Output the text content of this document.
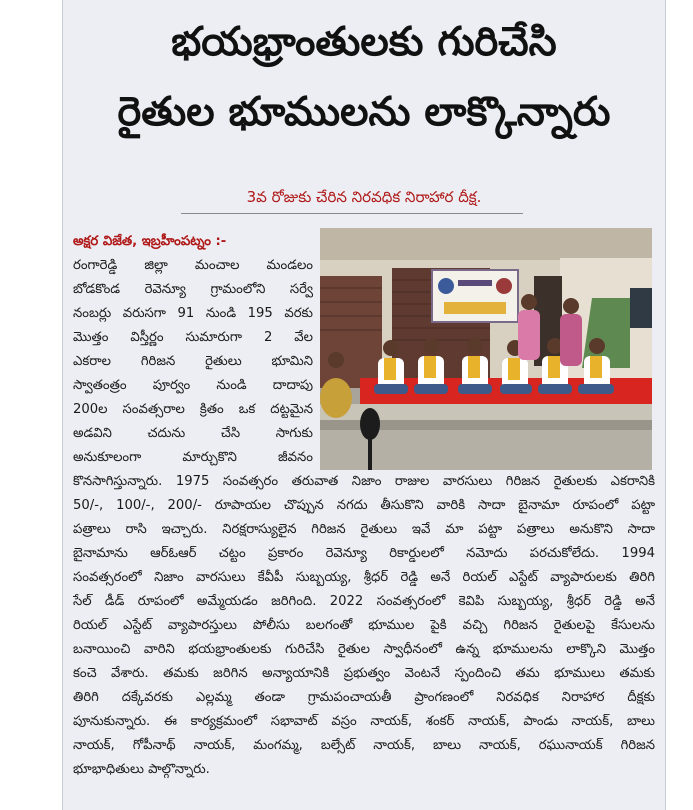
భయభ్రాంతులకు గురిచేసి
రైతుల భూములను లాక్కొన్నారు
3వ రోజుకు చేరిన నిరవధిక నిరాహార దీక్ష.
అక్షర విజేత, ఇబ్రహీంపట్నం :-
రంగారెడ్డి జిల్లా మంచాల మండలం
బోడకొండ రెవెన్యూ గ్రామంలోని సర్వే
నంబర్లు వరుసగా 91 నుండి 195 వరకు
మొత్తం విస్తీర్ణం సుమారుగా 2 వేల
ఎకరాల గిరిజన రైతులు భూమిని
స్వాతంత్రం పూర్వం నుండి దాదాపు
200ల సంవత్సరాల క్రితం ఒక దట్టమైన
అడవిని చదును చేసి సాగుకు
అనుకూలంగా మార్చుకొని జీవనం
కొనసాగిస్తున్నారు. 1975 సంవత్సరం తరువాత నిజాం రాజుల వారసులు గిరిజన రైతులకు ఎకరానికి
50/-, 100/-, 200/- రూపాయల చొప్పున నగదు తీసుకొని వారికి సాదా బైనామా రూపంలో పట్టా
పత్రాలు రాసి ఇచ్చారు. నిరక్షరాస్యులైన గిరిజన రైతులు ఇవే మా పట్టా పత్రాలు అనుకొని సాదా
బైనామాను ఆర్ఓఆర్ చట్టం ప్రకారం రెవెన్యూ రికార్డులలో నమోదు పరచుకోలేదు. 1994
సంవత్సరంలో నిజాం వారసులు కేవీపీ సుబ్బయ్య, శ్రీధర్ రెడ్డి అనే రియల్ ఎస్టేట్ వ్యాపారులకు తిరిగి
సేల్ డీడ్ రూపంలో అమ్మేయడం జరిగింది. 2022 సంవత్సరంలో కెవిపి సుబ్బయ్య, శ్రీధర్ రెడ్డి అనే
రియల్ ఎస్టేట్ వ్యాపారస్తులు పోలీసు బలగంతో భూముల పైకి వచ్చి గిరిజన రైతులపై కేసులను
బనాయించి వారిని భయభ్రాంతులకు గురిచేసి రైతుల స్వాధీనంలో ఉన్న భూములను లాక్కొని మొత్తం
కంచె వేశారు. తమకు జరిగిన అన్యాయానికి ప్రభుత్వం వెంటనే స్పందించి తమ భూములు తమకు
తిరిగి దక్కేవరకు ఎల్లమ్మ తండా గ్రామపంచాయతీ ప్రాంగణంలో నిరవధిక నిరాహార దీక్షకు
పూనుకున్నారు. ఈ కార్యక్రమంలో సభావాట్ వస్రం నాయక్, శంకర్ నాయక్, పాండు నాయక్, బాలు
నాయక్, గోపీనాథ్ నాయక్, మంగమ్మ, బల్సేట్ నాయక్, బాలు నాయక్, రఘునాయక్ గిరిజన
భూభాధితులు పాల్గొన్నారు.
